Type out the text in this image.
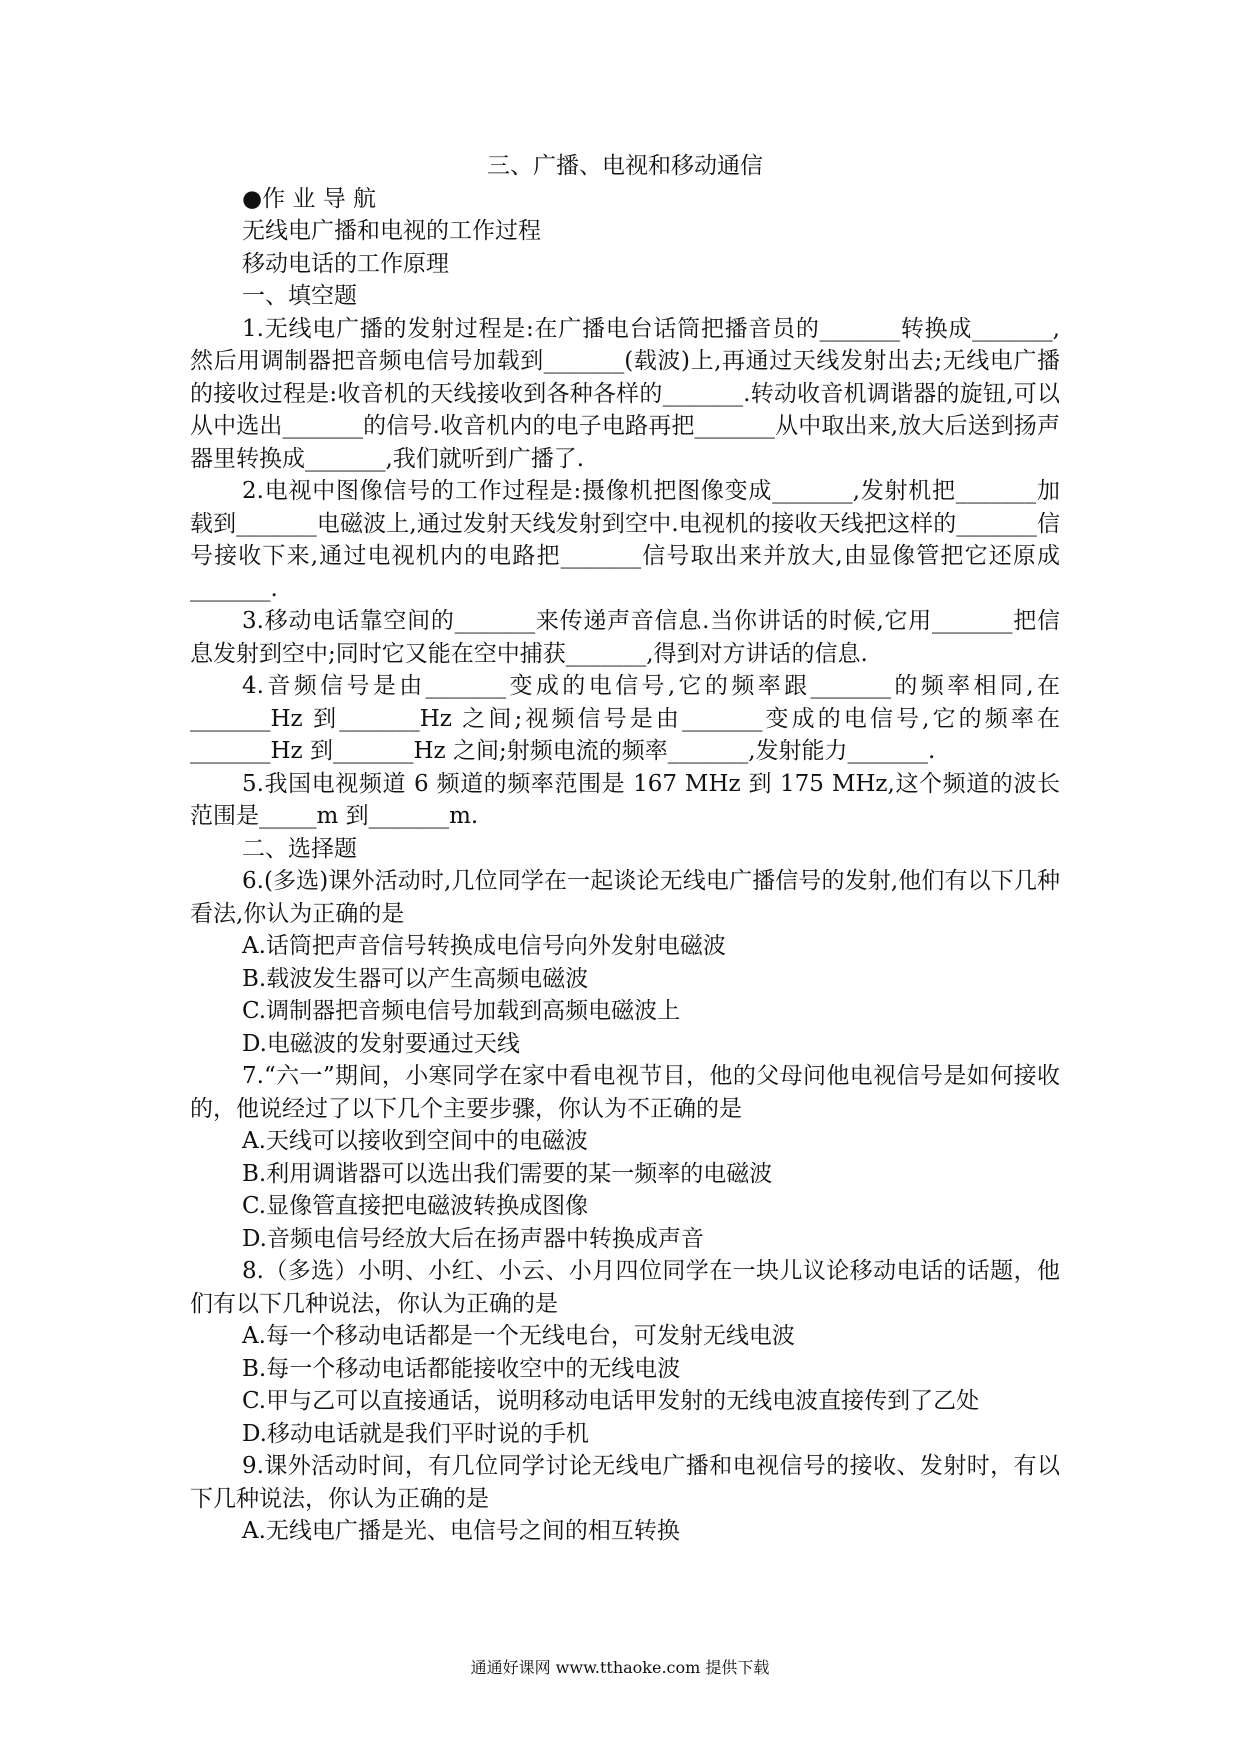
三、广播、电视和移动通信

●作 业 导 航

无线电广播和电视的工作过程

移动电话的工作原理

一、填空题

1.无线电广播的发射过程是:在广播电台话筒把播音员的_______转换成_______,然后用调制器把音频电信号加载到_______(载波)上,再通过天线发射出去;无线电广播的接收过程是:收音机的天线接收到各种各样的_______.转动收音机调谐器的旋钮,可以从中选出_______的信号.收音机内的电子电路再把_______从中取出来,放大后送到扬声器里转换成_______,我们就听到广播了.

2.电视中图像信号的工作过程是:摄像机把图像变成_______,发射机把_______加载到_______电磁波上,通过发射天线发射到空中.电视机的接收天线把这样的_______信号接收下来,通过电视机内的电路把_______信号取出来并放大,由显像管把它还原成_______.

3.移动电话靠空间的_______来传递声音信息.当你讲话的时候,它用_______把信息发射到空中;同时它又能在空中捕获_______,得到对方讲话的信息.

4.音频信号是由_______变成的电信号,它的频率跟_______的频率相同,在_______Hz 到_______Hz 之间;视频信号是由_______变成的电信号,它的频率在_______Hz 到_______Hz 之间;射频电流的频率_______,发射能力_______.

5.我国电视频道 6 频道的频率范围是 167 MHz 到 175 MHz,这个频道的波长范围是_____m 到_______m.

二、选择题

6.(多选)课外活动时,几位同学在一起谈论无线电广播信号的发射,他们有以下几种看法,你认为正确的是

A.话筒把声音信号转换成电信号向外发射电磁波

B.载波发生器可以产生高频电磁波

C.调制器把音频电信号加载到高频电磁波上

D.电磁波的发射要通过天线

7.“六一”期间，小寒同学在家中看电视节目，他的父母问他电视信号是如何接收的，他说经过了以下几个主要步骤，你认为不正确的是

A.天线可以接收到空间中的电磁波

B.利用调谐器可以选出我们需要的某一频率的电磁波

C.显像管直接把电磁波转换成图像

D.音频电信号经放大后在扬声器中转换成声音

8.（多选）小明、小红、小云、小月四位同学在一块儿议论移动电话的话题，他们有以下几种说法，你认为正确的是

A.每一个移动电话都是一个无线电台，可发射无线电波

B.每一个移动电话都能接收空中的无线电波

C.甲与乙可以直接通话，说明移动电话甲发射的无线电波直接传到了乙处

D.移动电话就是我们平时说的手机

9.课外活动时间，有几位同学讨论无线电广播和电视信号的接收、发射时，有以下几种说法，你认为正确的是

A.无线电广播是光、电信号之间的相互转换

通通好课网 www.tthaoke.com 提供下载
